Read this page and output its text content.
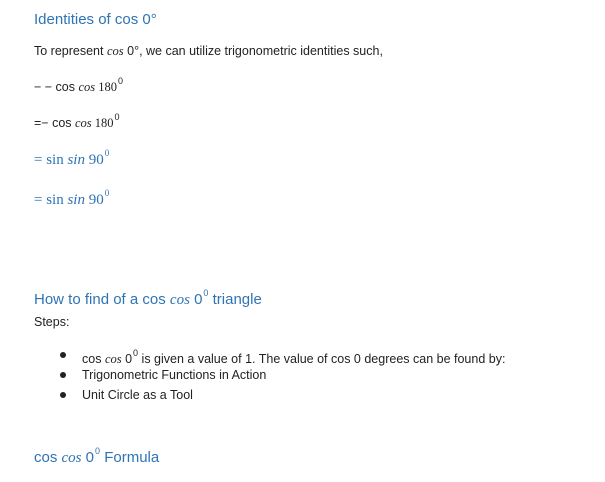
Identities of cos 0°
To represent cos 0°, we can utilize trigonometric identities such,
− − $\cos \cos 180^0$
=− $\cos \cos 180^0$
= $\sin \sin 90^0$
= $\sin \sin 90^0$
How to find of a $\cos \cos 0^0$ triangle
Steps:
$\cos \cos 0^0$ is given a value of 1. The value of cos 0 degrees can be found by:
Trigonometric Functions in Action
Unit Circle as a Tool
$\cos \cos 0^0$ Formula
